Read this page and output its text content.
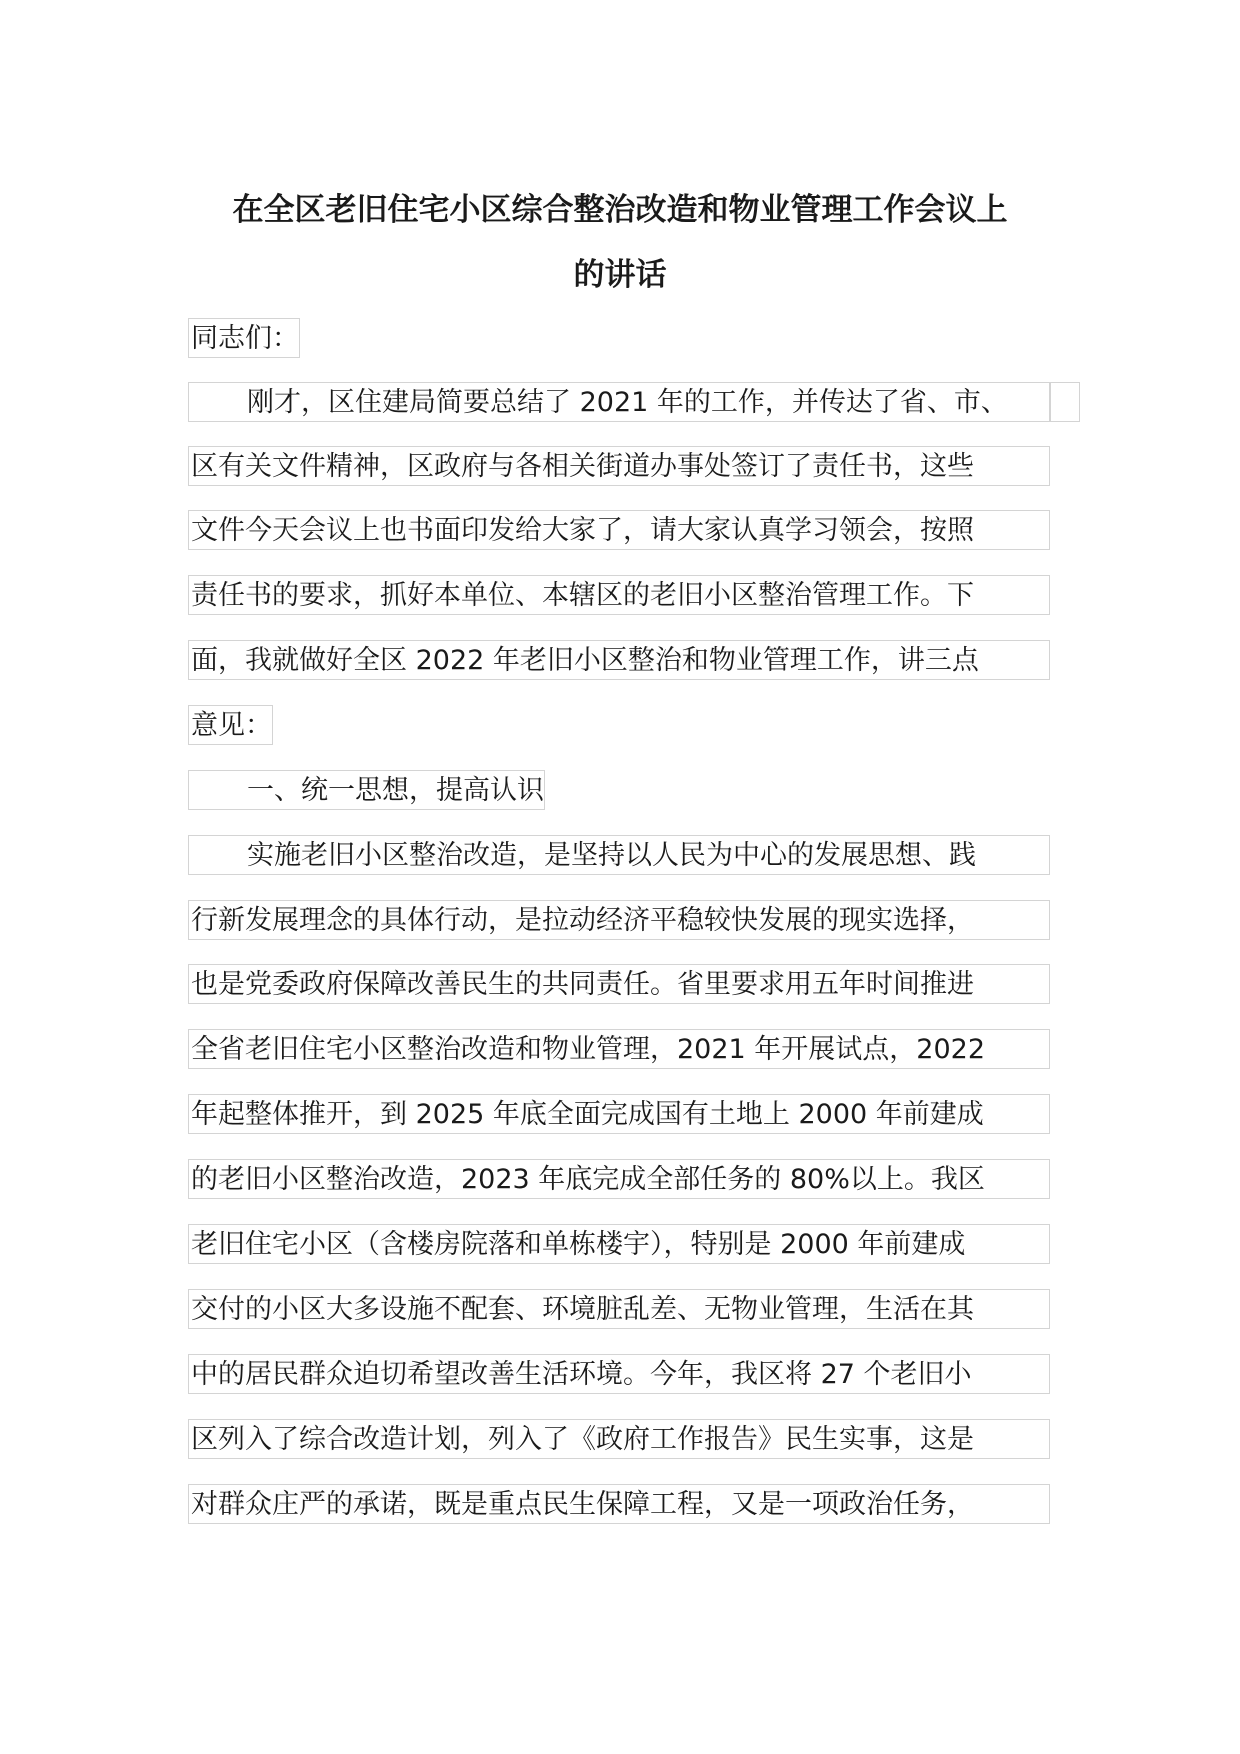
在全区老旧住宅小区综合整治改造和物业管理工作会议上
的讲话
同志们：
刚才，区住建局简要总结了 2021 年的工作，并传达了省、市、
区有关文件精神，区政府与各相关街道办事处签订了责任书，这些
文件今天会议上也书面印发给大家了，请大家认真学习领会，按照
责任书的要求，抓好本单位、本辖区的老旧小区整治管理工作。下
面，我就做好全区 2022 年老旧小区整治和物业管理工作，讲三点
意见：
一、统一思想，提高认识
实施老旧小区整治改造，是坚持以人民为中心的发展思想、践
行新发展理念的具体行动，是拉动经济平稳较快发展的现实选择，
也是党委政府保障改善民生的共同责任。省里要求用五年时间推进
全省老旧住宅小区整治改造和物业管理，2021 年开展试点，2022
年起整体推开，到 2025 年底全面完成国有土地上 2000 年前建成
的老旧小区整治改造，2023 年底完成全部任务的 80%以上。我区
老旧住宅小区（含楼房院落和单栋楼宇），特别是 2000 年前建成
交付的小区大多设施不配套、环境脏乱差、无物业管理，生活在其
中的居民群众迫切希望改善生活环境。今年，我区将 27 个老旧小
区列入了综合改造计划，列入了《政府工作报告》民生实事，这是
对群众庄严的承诺，既是重点民生保障工程，又是一项政治任务，
